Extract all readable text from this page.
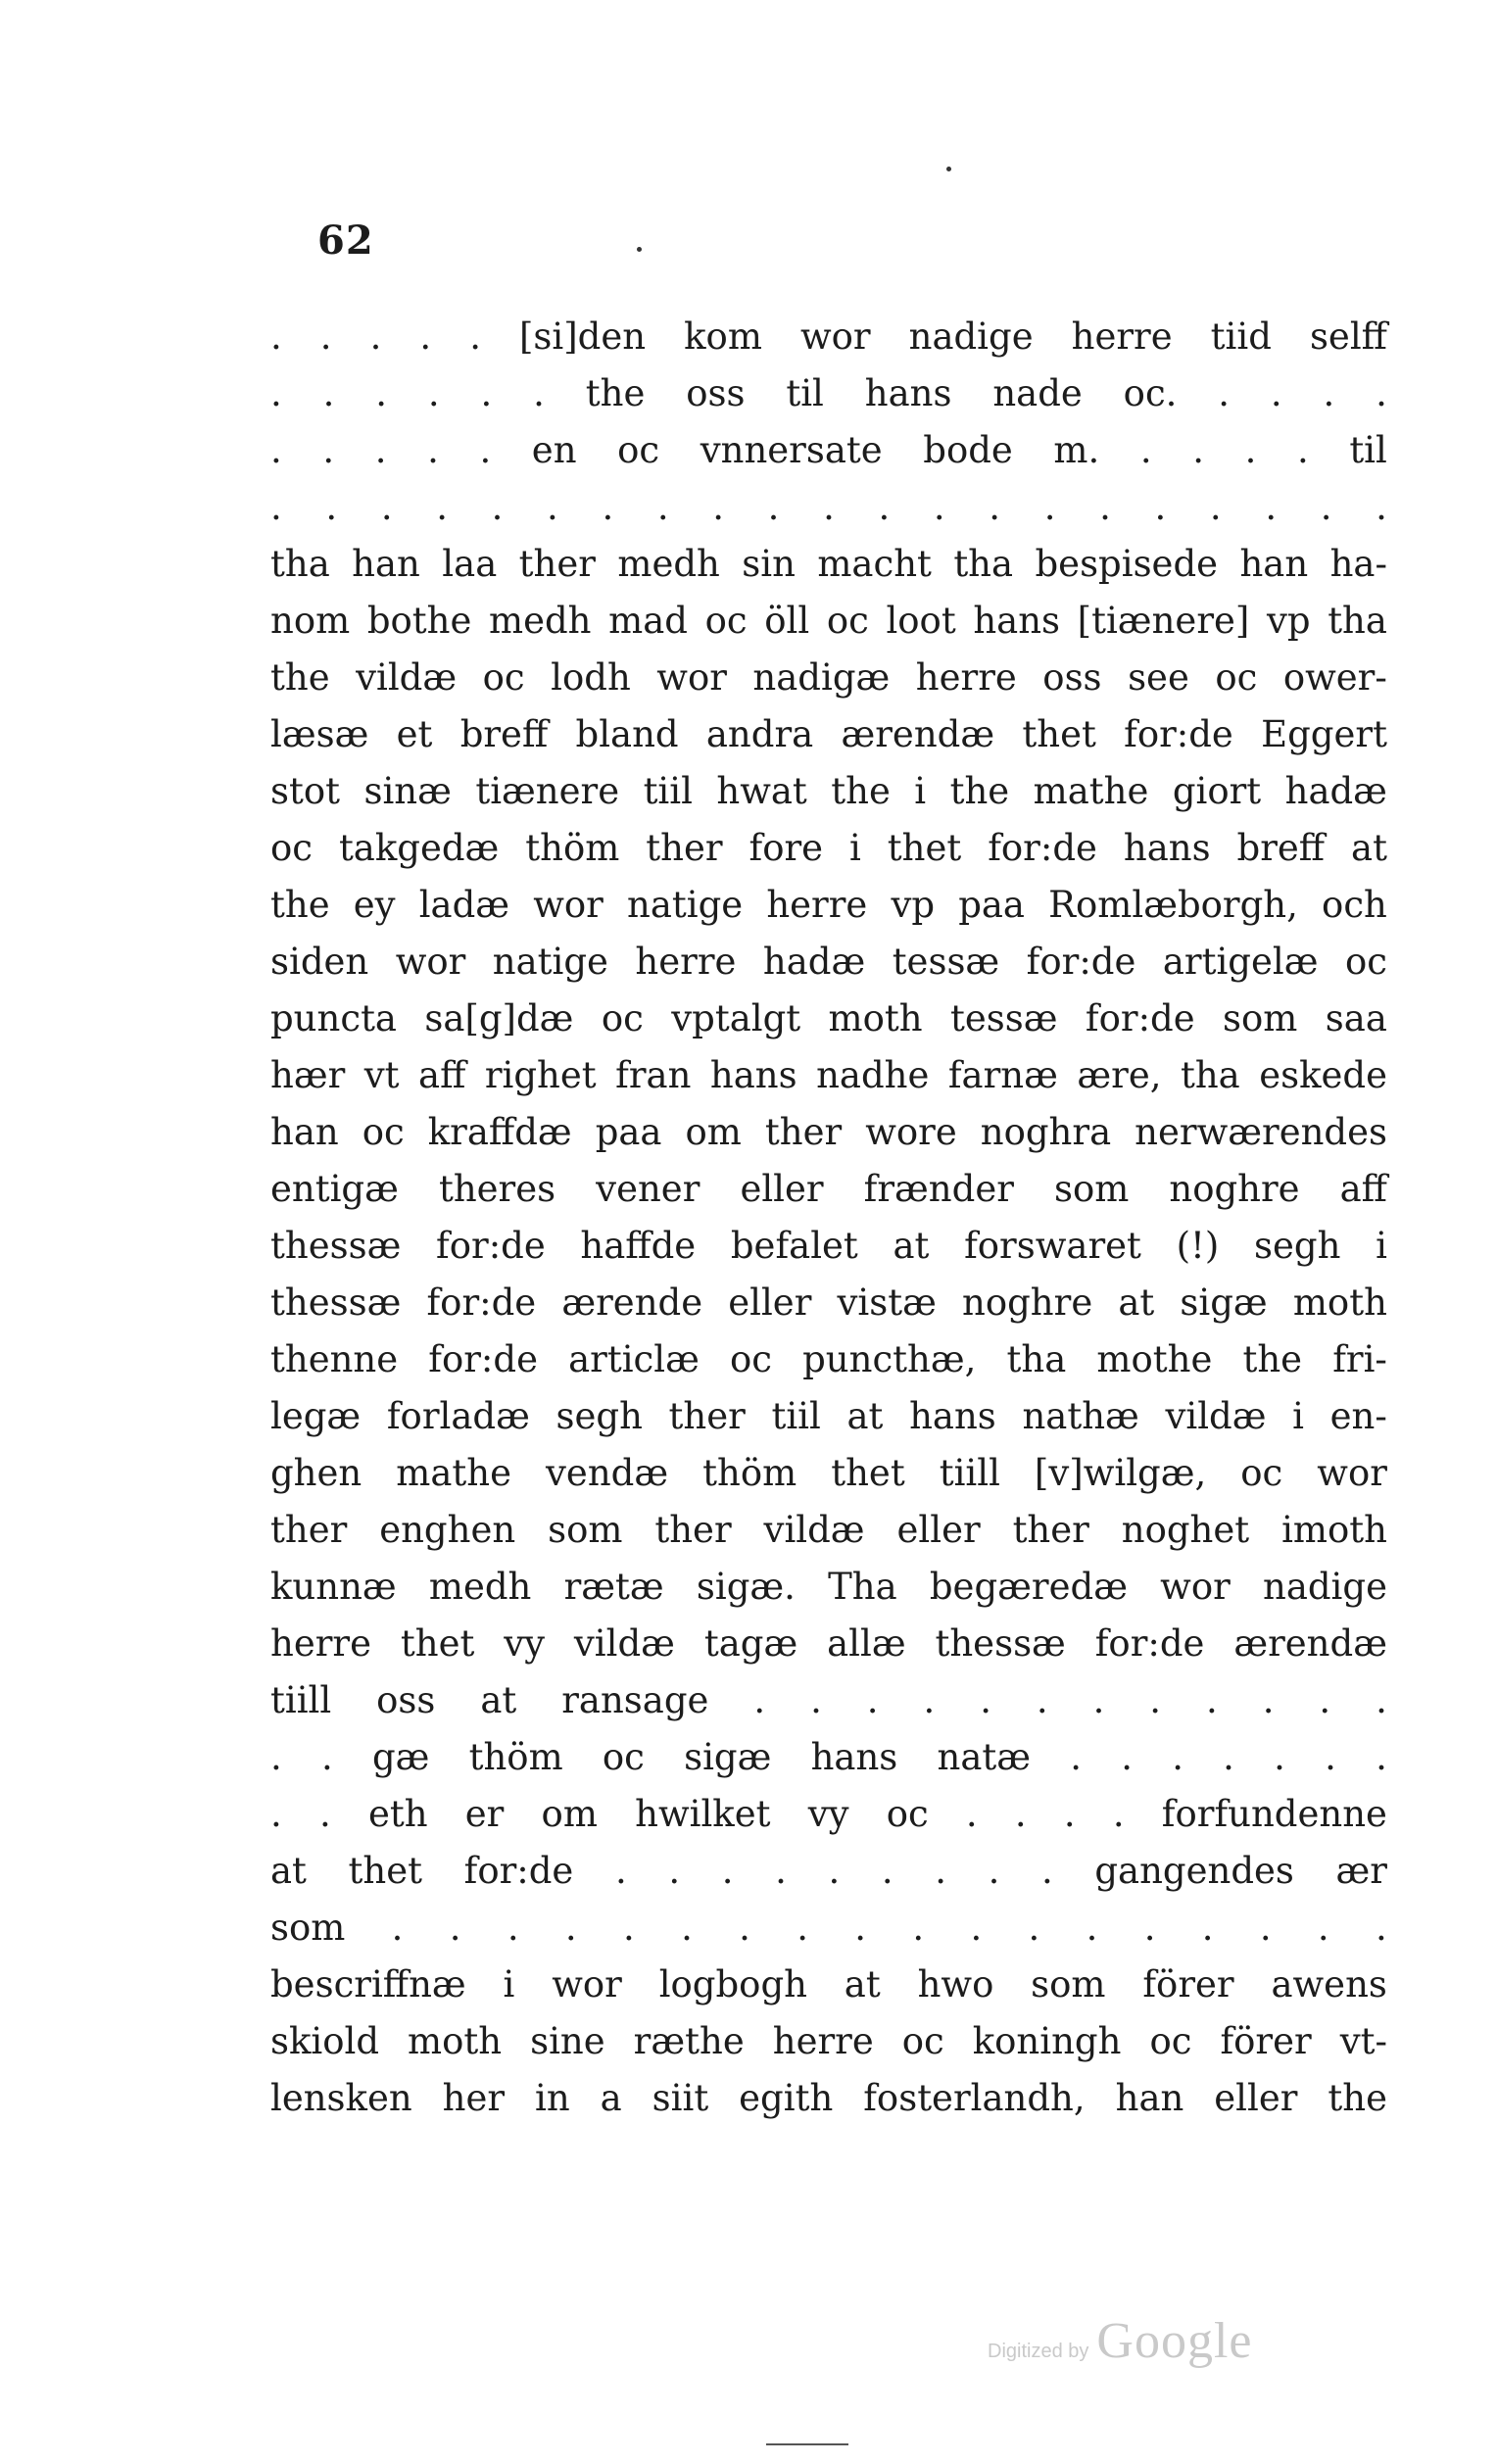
62
. . . . . [si]den kom wor nadige herre tiid selff
. . . . . . the oss til hans nade oc. . . . .
. . . . . en oc vnnersate bode m. . . . . til
. . . . . . . . . . . . . . . . . . . . .
tha han laa ther medh sin macht tha bespisede han ha-
nom bothe medh mad oc öll oc loot hans [tiænere] vp tha
the vildæ oc lodh wor nadigæ herre oss see oc ower-
læsæ et breff bland andra ærendæ thet for:de Eggert
stot sinæ tiænere tiil hwat the i the mathe giort hadæ
oc takgedæ thöm ther fore i thet for:de hans breff at
the ey ladæ wor natige herre vp paa Romlæborgh, och
siden wor natige herre hadæ tessæ for:de artigelæ oc
puncta sa[g]dæ oc vptalgt moth tessæ for:de som saa
hær vt aff righet fran hans nadhe farnæ ære, tha eskede
han oc kraffdæ paa om ther wore noghra nerwærendes
entigæ theres vener eller frænder som noghre aff
thessæ for:de haffde befalet at forswaret (!) segh i
thessæ for:de ærende eller vistæ noghre at sigæ moth
thenne for:de articlæ oc puncthæ, tha mothe the fri-
legæ forladæ segh ther tiil at hans nathæ vildæ i en-
ghen mathe vendæ thöm thet tiill [v]wilgæ, oc wor
ther enghen som ther vildæ eller ther noghet imoth
kunnæ medh rætæ sigæ. Tha begæredæ wor nadige
herre thet vy vildæ tagæ allæ thessæ for:de ærendæ
tiill oss at ransage . . . . . . . . . . . .
. . gæ thöm oc sigæ hans natæ . . . . . . .
. . eth er om hwilket vy oc . . . . forfundenne
at thet for:de . . . . . . . . . gangendes ær
som . . . . . . . . . . . . . . . . . .
bescriffnæ i wor logbogh at hwo som förer awens
skiold moth sine ræthe herre oc koningh oc förer vt-
lensken her in a siit egith fosterlandh, han eller the
Digitized by Google
